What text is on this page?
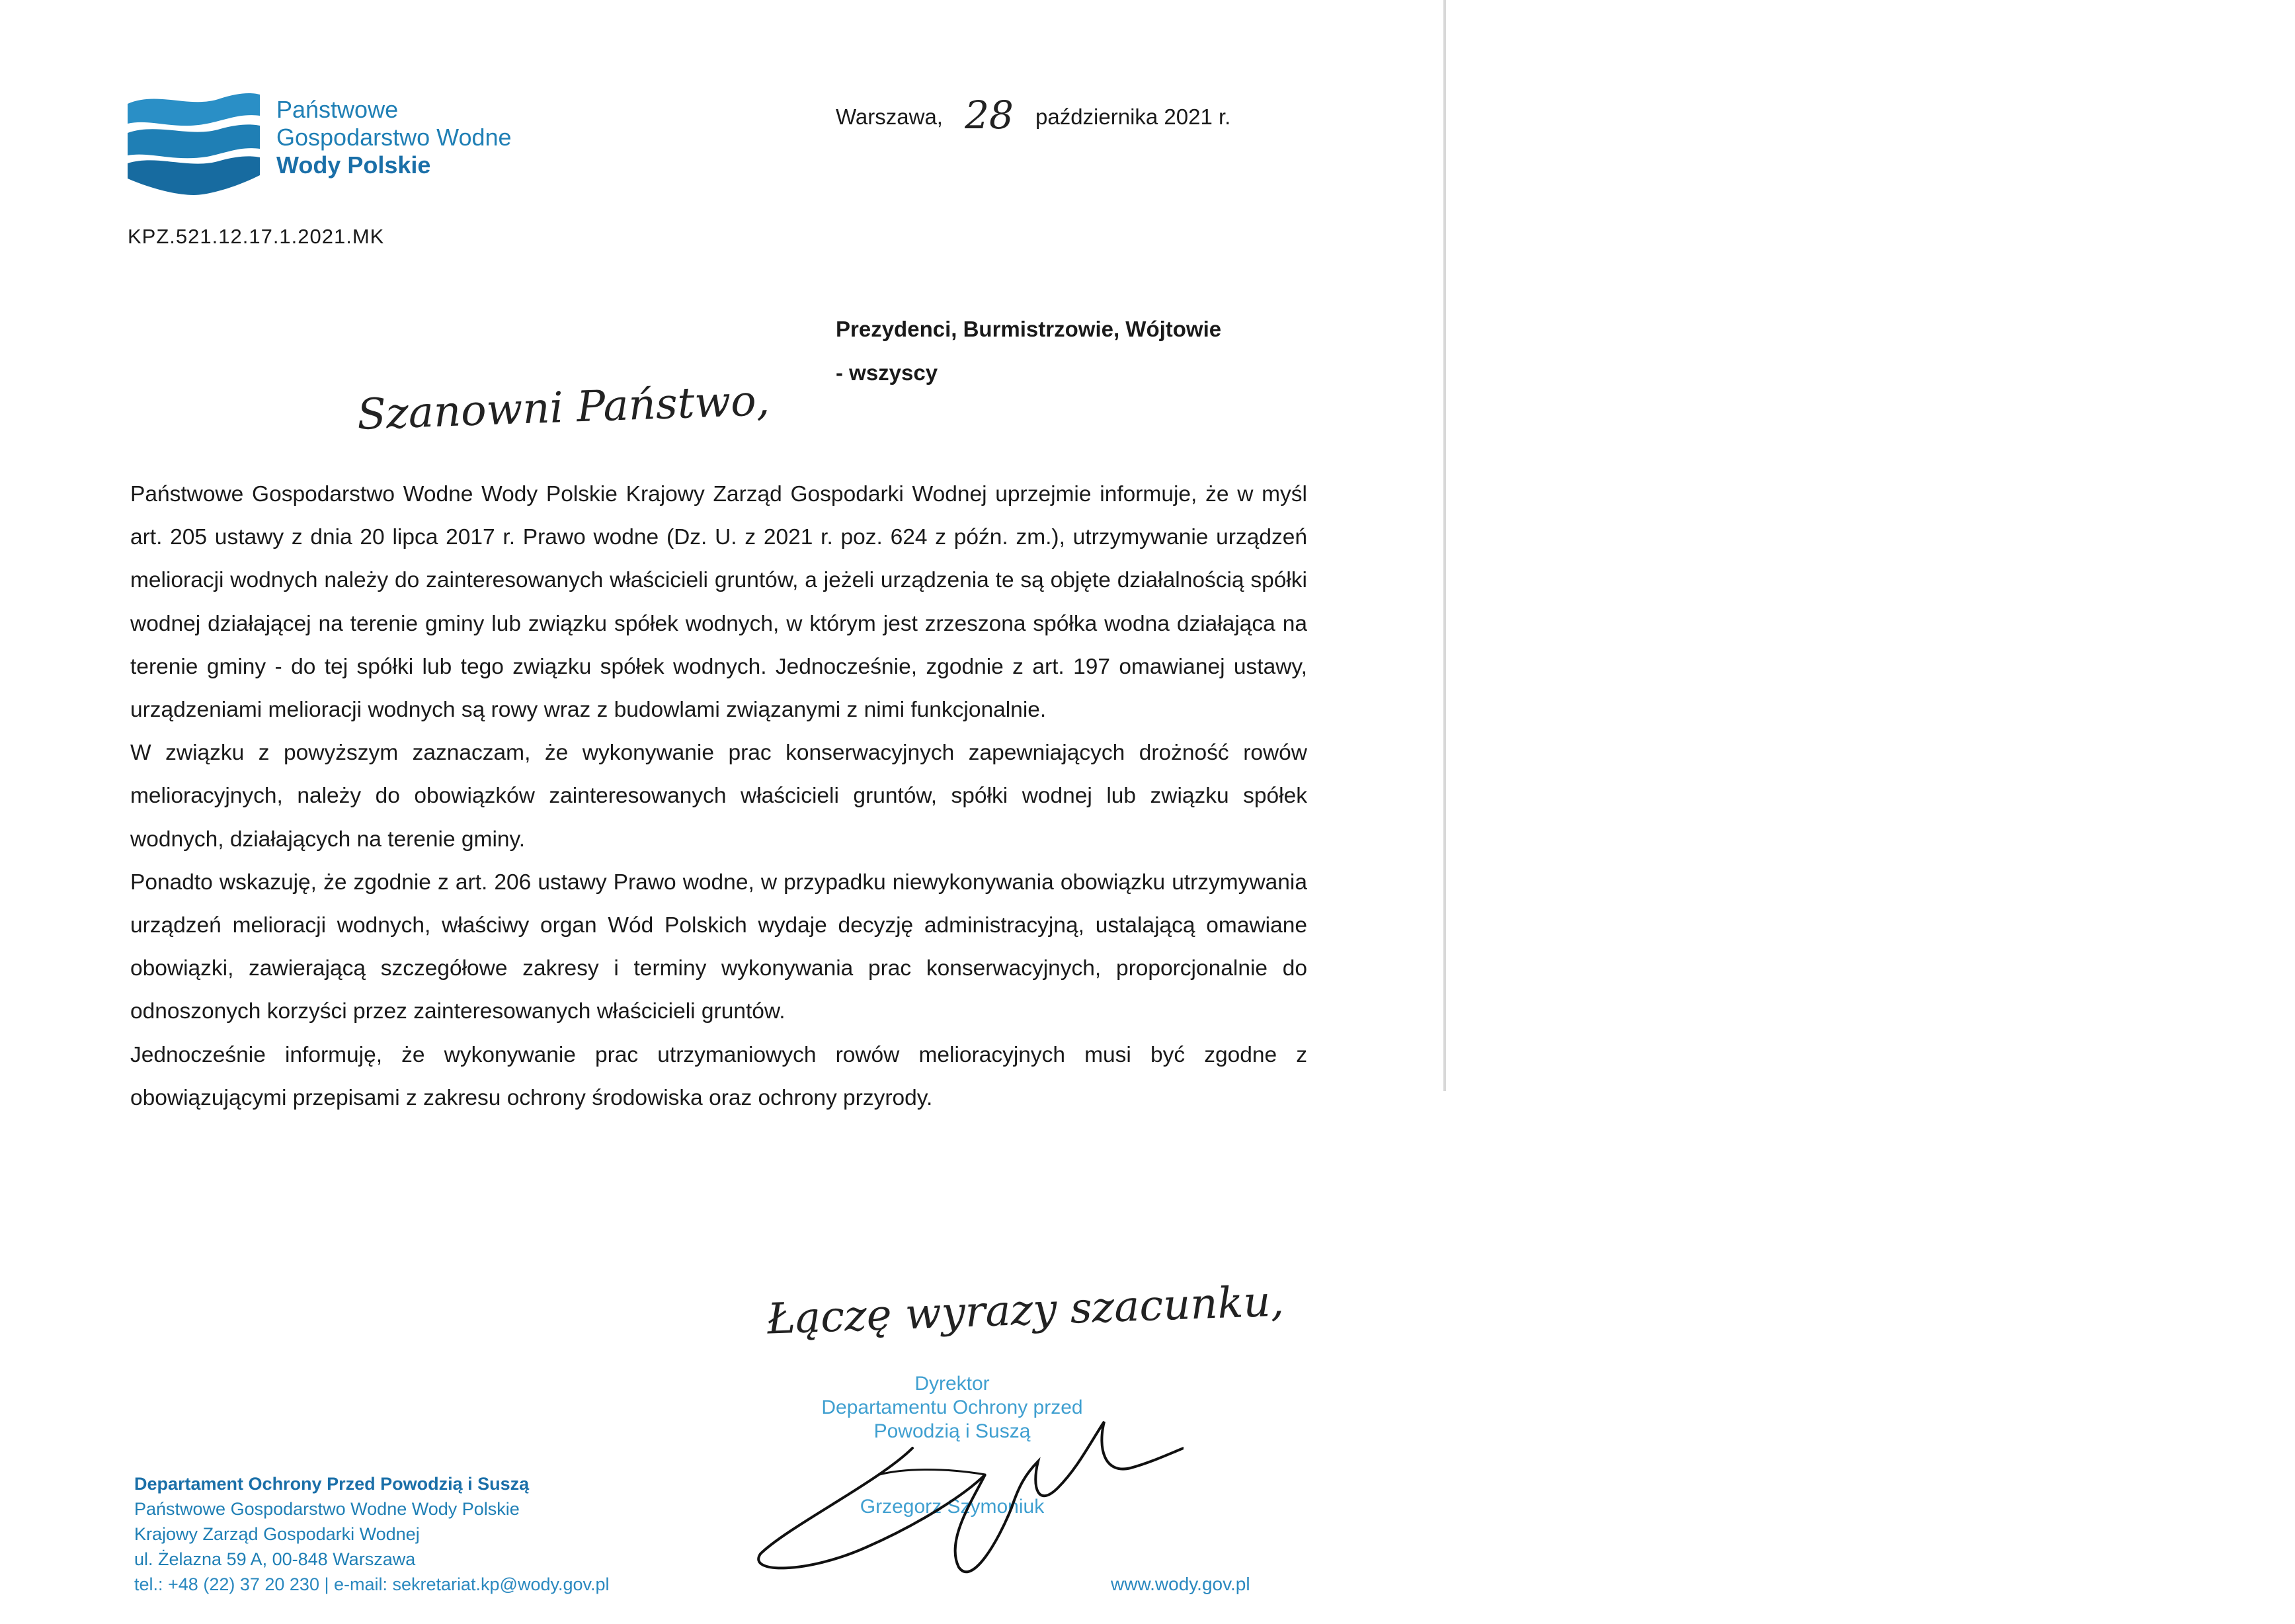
Państwowe
Gospodarstwo Wodne
Wody Polskie
KPZ.521.12.17.1.2021.MK
Warszawa, 28 października 2021 r.
Prezydenci, Burmistrzowie, Wójtowie
- wszyscy
Szanowni Państwo,

Państwowe Gospodarstwo Wodne Wody Polskie Krajowy Zarząd Gospodarki Wodnej uprzejmie informuje, że w myśl art. 205 ustawy z dnia 20 lipca 2017 r. Prawo wodne (Dz. U. z 2021 r. poz. 624 z późn. zm.), utrzymywanie urządzeń melioracji wodnych należy do zainteresowanych właścicieli gruntów, a jeżeli urządzenia te są objęte działalnością spółki wodnej działającej na terenie gminy lub związku spółek wodnych, w którym jest zrzeszona spółka wodna działająca na terenie gminy - do tej spółki lub tego związku spółek wodnych. Jednocześnie, zgodnie z art. 197 omawianej ustawy, urządzeniami melioracji wodnych są rowy wraz z budowlami związanymi z nimi funkcjonalnie.

W związku z powyższym zaznaczam, że wykonywanie prac konserwacyjnych zapewniających drożność rowów melioracyjnych, należy do obowiązków zainteresowanych właścicieli gruntów, spółki wodnej lub związku spółek wodnych, działających na terenie gminy.

Ponadto wskazuję, że zgodnie z art. 206 ustawy Prawo wodne, w przypadku niewykonywania obowiązku utrzymywania urządzeń melioracji wodnych, właściwy organ Wód Polskich wydaje decyzję administracyjną, ustalającą omawiane obowiązki, zawierającą szczegółowe zakresy i terminy wykonywania prac konserwacyjnych, proporcjonalnie do odnoszonych korzyści przez zainteresowanych właścicieli gruntów.

Jednocześnie informuję, że wykonywanie prac utrzymaniowych rowów melioracyjnych musi być zgodne z obowiązującymi przepisami z zakresu ochrony środowiska oraz ochrony przyrody.

Łączę wyrazy szacunku,
Dyrektor
Departamentu Ochrony przed
Powodzią i Suszą
Grzegorz Szymoniuk
Departament Ochrony Przed Powodzią i Suszą
Państwowe Gospodarstwo Wodne Wody Polskie
Krajowy Zarząd Gospodarki Wodnej
ul. Żelazna 59 A, 00-848 Warszawa
tel.: +48 (22) 37 20 230 | e-mail: sekretariat.kp@wody.gov.pl	www.wody.gov.pl
